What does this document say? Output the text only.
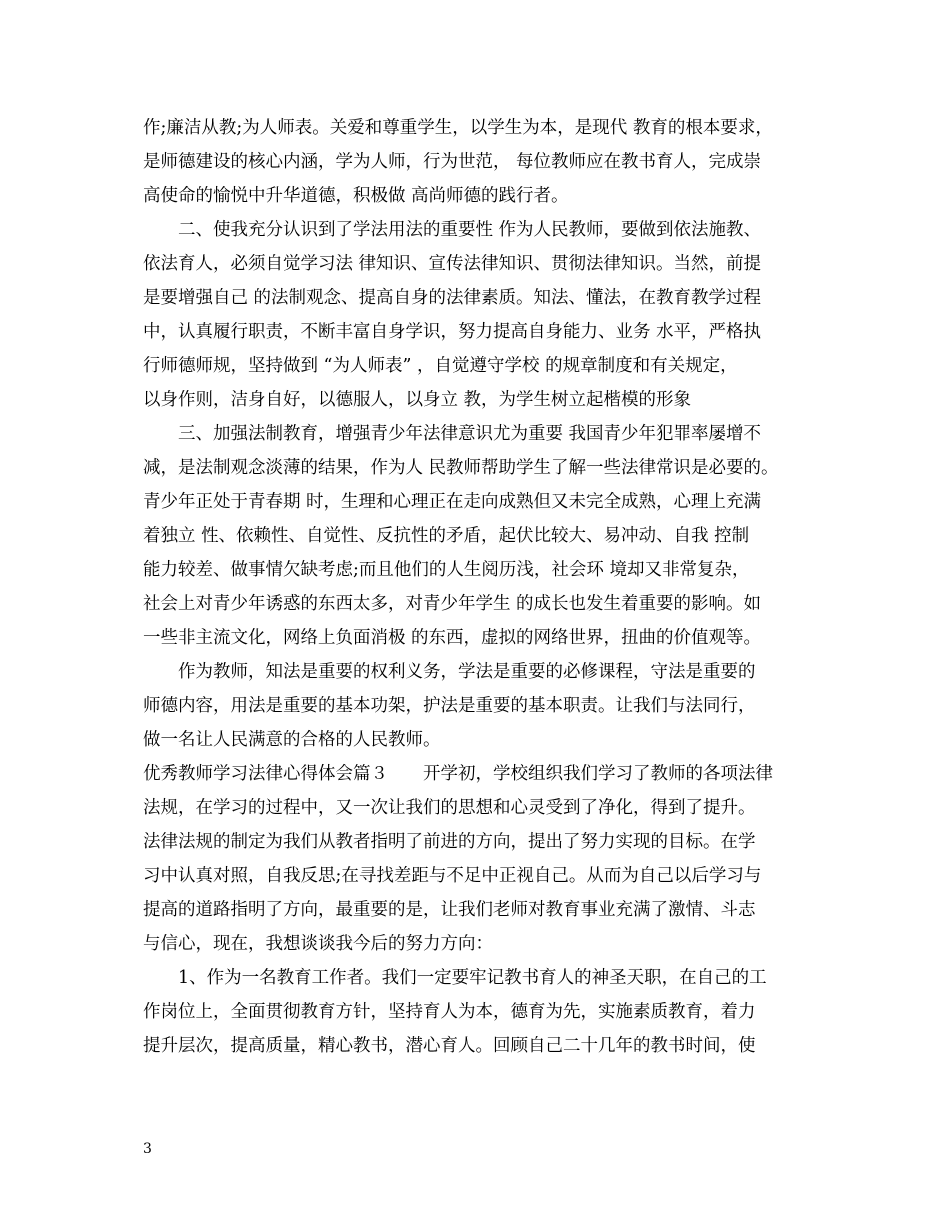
作;廉洁从教;为人师表。关爱和尊重学生，以学生为本，是现代 教育的根本要求，
是师德建设的核心内涵，学为人师，行为世范， 每位教师应在教书育人，完成崇
高使命的愉悦中升华道德，积极做 高尚师德的践行者。
二、使我充分认识到了学法用法的重要性 作为人民教师，要做到依法施教、
依法育人，必须自觉学习法 律知识、宣传法律知识、贯彻法律知识。当然，前提
是要增强自己 的法制观念、提高自身的法律素质。知法、懂法，在教育教学过程
中，认真履行职责，不断丰富自身学识，努力提高自身能力、业务 水平，严格执
行师德师规，坚持做到 “为人师表” ，自觉遵守学校 的规章制度和有关规定，
以身作则，洁身自好，以德服人，以身立 教，为学生树立起楷模的形象
三、加强法制教育，增强青少年法律意识尤为重要 我国青少年犯罪率屡增不
减，是法制观念淡薄的结果，作为人 民教师帮助学生了解一些法律常识是必要的。
青少年正处于青春期 时，生理和心理正在走向成熟但又未完全成熟，心理上充满
着独立 性、依赖性、自觉性、反抗性的矛盾，起伏比较大、易冲动、自我 控制
能力较差、做事情欠缺考虑;而且他们的人生阅历浅，社会环 境却又非常复杂，
社会上对青少年诱惑的东西太多，对青少年学生 的成长也发生着重要的影响。如
一些非主流文化，网络上负面消极 的东西，虚拟的网络世界，扭曲的价值观等。
作为教师，知法是重要的权利义务，学法是重要的必修课程，守法是重要的
师德内容，用法是重要的基本功架，护法是重要的基本职责。让我们与法同行，
做一名让人民满意的合格的人民教师。
优秀教师学习法律心得体会篇３　　开学初，学校组织我们学习了教师的各项法律
法规，在学习的过程中，又一次让我们的思想和心灵受到了净化，得到了提升。
法律法规的制定为我们从教者指明了前进的方向，提出了努力实现的目标。在学
习中认真对照，自我反思;在寻找差距与不足中正视自己。从而为自己以后学习与
提高的道路指明了方向，最重要的是，让我们老师对教育事业充满了激情、斗志
与信心，现在，我想谈谈我今后的努力方向：
1、作为一名教育工作者。我们一定要牢记教书育人的神圣天职，在自己的工
作岗位上，全面贯彻教育方针，坚持育人为本，德育为先，实施素质教育，着力
提升层次，提高质量，精心教书，潜心育人。回顾自己二十几年的教书时间，使
3
